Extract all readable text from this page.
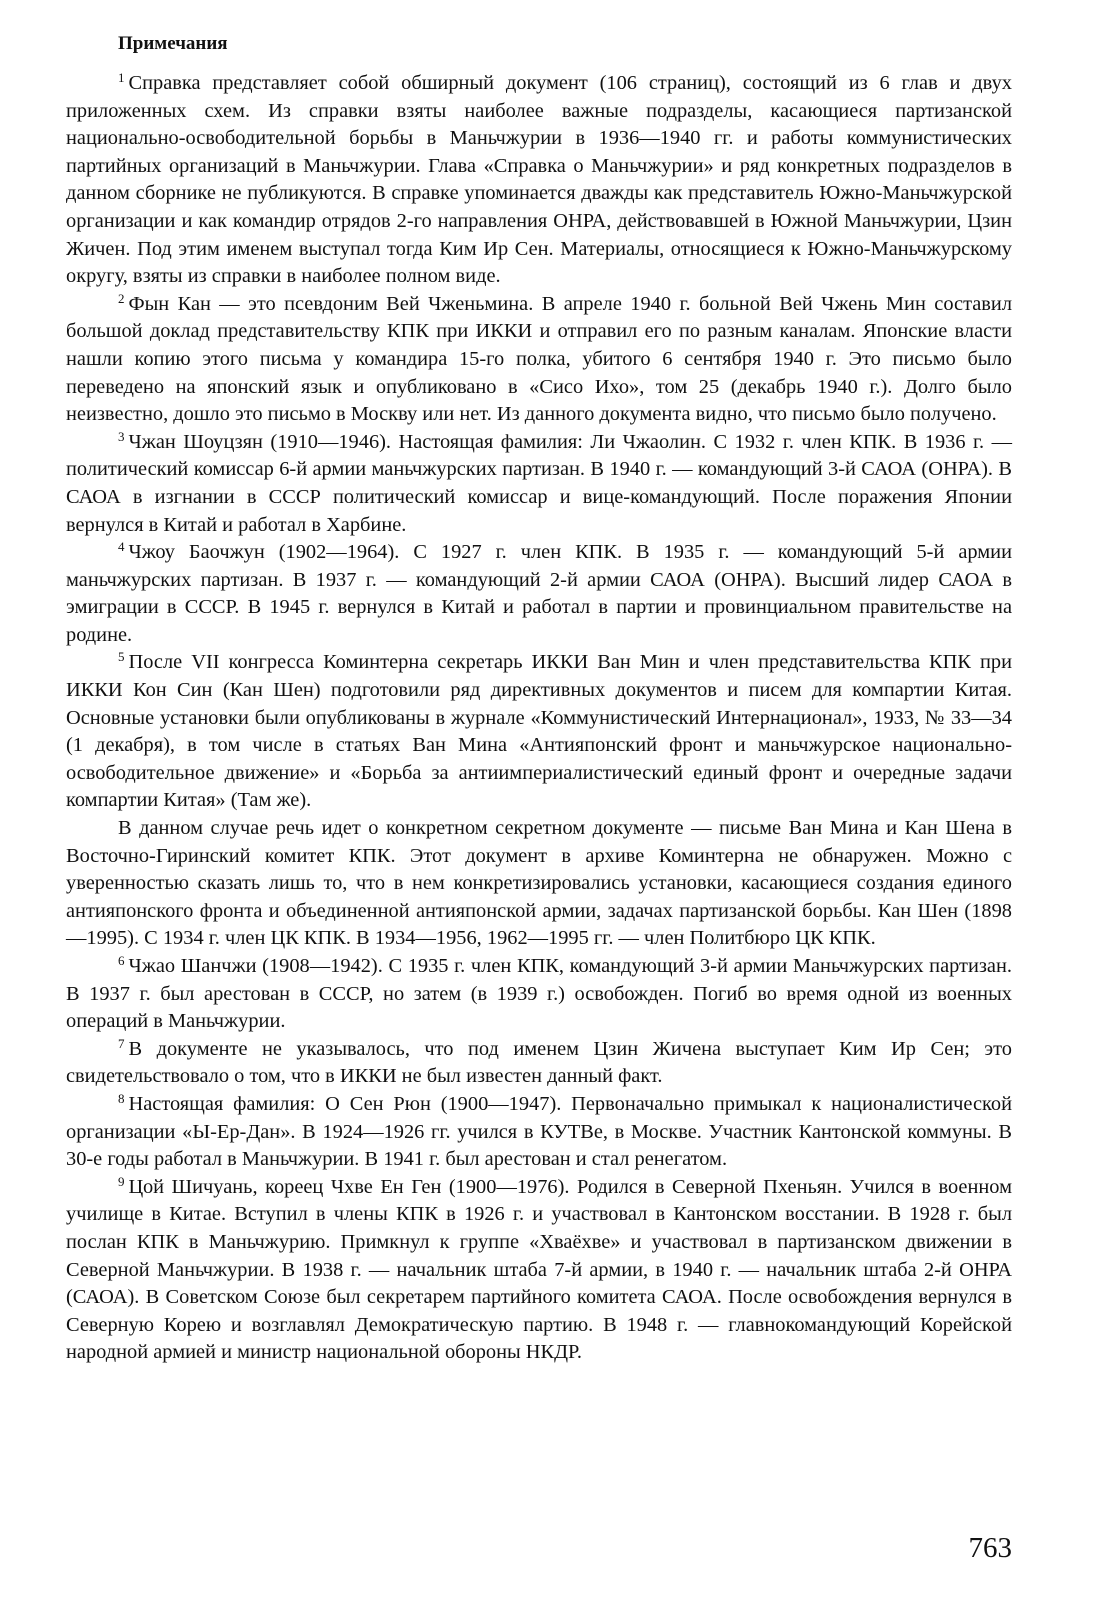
Примечания

$^1$ Справка представляет собой обширный документ (106 страниц), состоящий из 6 глав и двух приложенных схем. Из справки взяты наиболее важные подразделы, касающиеся партизанской национально-освободительной борьбы в Маньчжурии в 1936—1940 гг. и работы коммунистических партийных организаций в Маньчжурии. Глава «Справка о Маньчжурии» и ряд конкретных подразделов в данном сборнике не публикуются. В справке упоминается дважды как представитель Южно-Маньчжурской организации и как командир отрядов 2-го направления ОНРА, действовавшей в Южной Маньчжурии, Цзин Жичен. Под этим именем выступал тогда Ким Ир Сен. Материалы, относящиеся к Южно-Маньчжурскому округу, взяты из справки в наиболее полном виде.

$^2$ Фын Кан — это псевдоним Вей Чженьмина. В апреле 1940 г. больной Вей Чжень Мин составил большой доклад представительству КПК при ИККИ и отправил его по разным каналам. Японские власти нашли копию этого письма у командира 15-го полка, убитого 6 сентября 1940 г. Это письмо было переведено на японский язык и опубликовано в «Сисо Ихо», том 25 (декабрь 1940 г.). Долго было неизвестно, дошло это письмо в Москву или нет. Из данного документа видно, что письмо было получено.

$^3$ Чжан Шоуцзян (1910—1946). Настоящая фамилия: Ли Чжаолин. С 1932 г. член КПК. В 1936 г. — политический комиссар 6-й армии маньчжурских партизан. В 1940 г. — командующий 3-й САОА (ОНРА). В САОА в изгнании в СССР политический комиссар и вице-командующий. После поражения Японии вернулся в Китай и работал в Харбине.

$^4$ Чжоу Баочжун (1902—1964). С 1927 г. член КПК. В 1935 г. — командующий 5-й армии маньчжурских партизан. В 1937 г. — командующий 2-й армии САОА (ОНРА). Высший лидер САОА в эмиграции в СССР. В 1945 г. вернулся в Китай и работал в партии и провинциальном правительстве на родине.

$^5$ После VII конгресса Коминтерна секретарь ИККИ Ван Мин и член представительства КПК при ИККИ Кон Син (Кан Шен) подготовили ряд директивных документов и писем для компартии Китая. Основные установки были опубликованы в журнале «Коммунистический Интернационал», 1933, № 33—34 (1 декабря), в том числе в статьях Ван Мина «Антияпонский фронт и маньчжурское национально-освободительное движение» и «Борьба за антиимпериалистический единый фронт и очередные задачи компартии Китая» (Там же).

В данном случае речь идет о конкретном секретном документе — письме Ван Мина и Кан Шена в Восточно-Гиринский комитет КПК. Этот документ в архиве Коминтерна не обнаружен. Можно с уверенностью сказать лишь то, что в нем конкретизировались установки, касающиеся создания единого антияпонского фронта и объединенной антияпонской армии, задачах партизанской борьбы. Кан Шен (1898—1995). С 1934 г. член ЦК КПК. В 1934—1956, 1962—1995 гг. — член Политбюро ЦК КПК.

$^6$ Чжао Шанчжи (1908—1942). С 1935 г. член КПК, командующий 3-й армии Маньчжурских партизан. В 1937 г. был арестован в СССР, но затем (в 1939 г.) освобожден. Погиб во время одной из военных операций в Маньчжурии.

$^7$ В документе не указывалось, что под именем Цзин Жичена выступает Ким Ир Сен; это свидетельствовало о том, что в ИККИ не был известен данный факт.

$^8$ Настоящая фамилия: О Сен Рюн (1900—1947). Первоначально примыкал к националистической организации «Ы-Ер-Дан». В 1924—1926 гг. учился в КУТВе, в Москве. Участник Кантонской коммуны. В 30-е годы работал в Маньчжурии. В 1941 г. был арестован и стал ренегатом.

$^9$ Цой Шичуань, кореец Чхве Ен Ген (1900—1976). Родился в Северной Пхеньян. Учился в военном училище в Китае. Вступил в члены КПК в 1926 г. и участвовал в Кантонском восстании. В 1928 г. был послан КПК в Маньчжурию. Примкнул к группе «Хваёхве» и участвовал в партизанском движении в Северной Маньчжурии. В 1938 г. — начальник штаба 7-й армии, в 1940 г. — начальник штаба 2-й ОНРА (САОА). В Советском Союзе был секретарем партийного комитета САОА. После освобождения вернулся в Северную Корею и возглавлял Демократическую партию. В 1948 г. — главнокомандующий Корейской народной армией и министр национальной обороны НКДР.

763
